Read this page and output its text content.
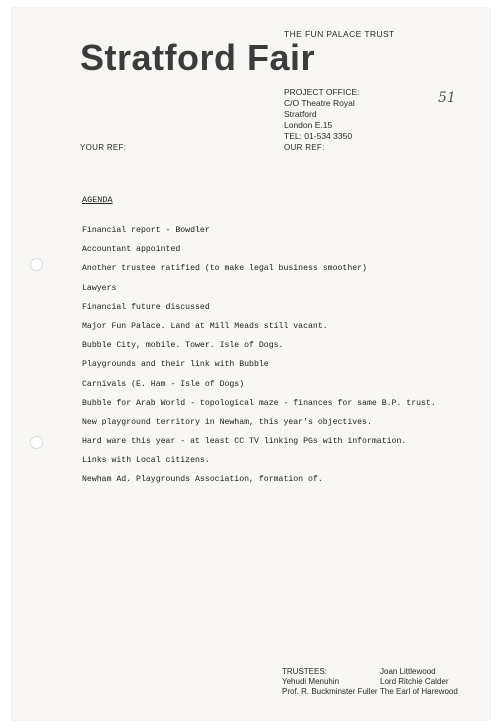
THE FUN PALACE TRUST
Stratford Fair
PROJECT OFFICE:
C/O Theatre Royal
Stratford
London E.15
TEL: 01-534 3350
51
YOUR REF:	OUR REF:
AGENDA
Financial report - Bowdler
Accountant appointed
Another trustee ratified (to make legal business smoother)
Lawyers
Financial future discussed
Major Fun Palace. Land at Mill Meads still vacant.
Bubble City, mobile. Tower. Isle of Dogs.
Playgrounds and their link with Bubble
Carnivals (E. Ham - Isle of Dogs)
Bubble for Arab World - topological maze - finances for same B.P. trust.
New playground territory in Newham, this year's objectives.
Hard ware this year - at least CC TV linking PGs with information.
Links with Local citizens.
Newham Ad. Playgrounds Association, formation of.
TRUSTEES:
Yehudi Menuhin
Prof. R. Buckminster Fuller
Joan Littlewood
Lord Ritchie Calder
The Earl of Harewood
